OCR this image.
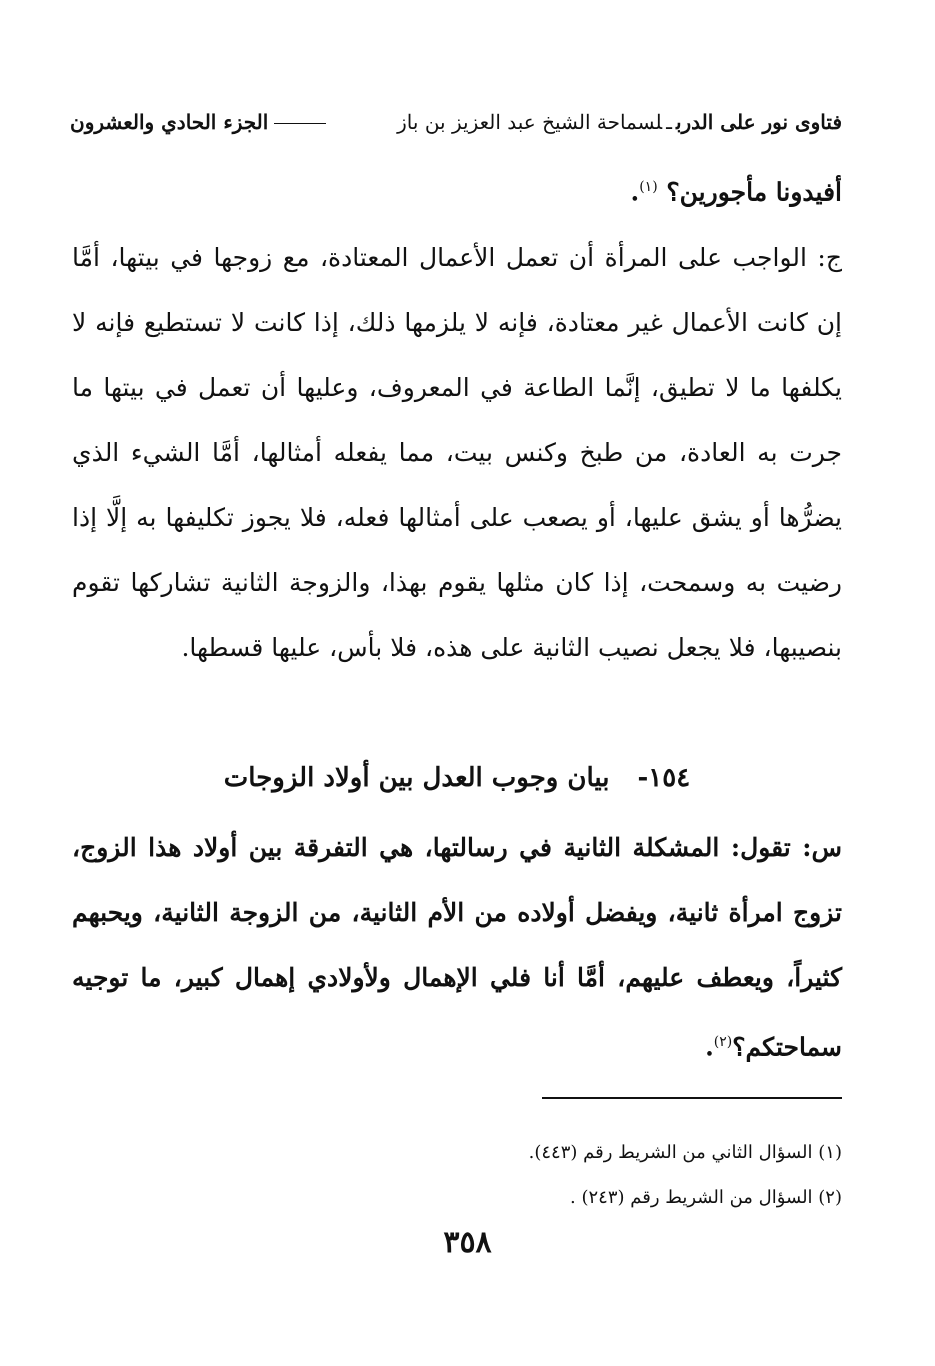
فتاوى نور على الدربـلسماحة الشيخ عبد العزيز بن باز
الجزء الحادي والعشرون
أفيدونا مأجورين؟ $^{(١)}$.
ج: الواجب على المرأة أن تعمل الأعمال المعتادة، مع زوجها في بيتها، أمَّا إن كانت الأعمال غير معتادة، فإنه لا يلزمها ذلك، إذا كانت لا تستطيع فإنه لا يكلفها ما لا تطيق، إنَّما الطاعة في المعروف، وعليها أن تعمل في بيتها ما جرت به العادة، من طبخ وكنس بيت، مما يفعله أمثالها، أمَّا الشيء الذي يضرُّها أو يشق عليها، أو يصعب على أمثالها فعله، فلا يجوز تكليفها به إلَّا إذا رضيت به وسمحت، إذا كان مثلها يقوم بهذا، والزوجة الثانية تشاركها تقوم بنصيبها، فلا يجعل نصيب الثانية على هذه، فلا بأس، عليها قسطها.
١٥٤-
بيان وجوب العدل بين أولاد الزوجات
س: تقول: المشكلة الثانية في رسالتها، هي التفرقة بين أولاد هذا الزوج، تزوج امرأة ثانية، ويفضل أولاده من الأم الثانية، من الزوجة الثانية، ويحبهم كثيراً، ويعطف عليهم، أمَّا أنا فلي الإهمال ولأولادي إهمال كبير، ما توجيه سماحتكم؟$^{(٢)}$.
(١) السؤال الثاني من الشريط رقم (٤٤٣).
(٢) السؤال من الشريط رقم (٢٤٣) .
٣٥٨
